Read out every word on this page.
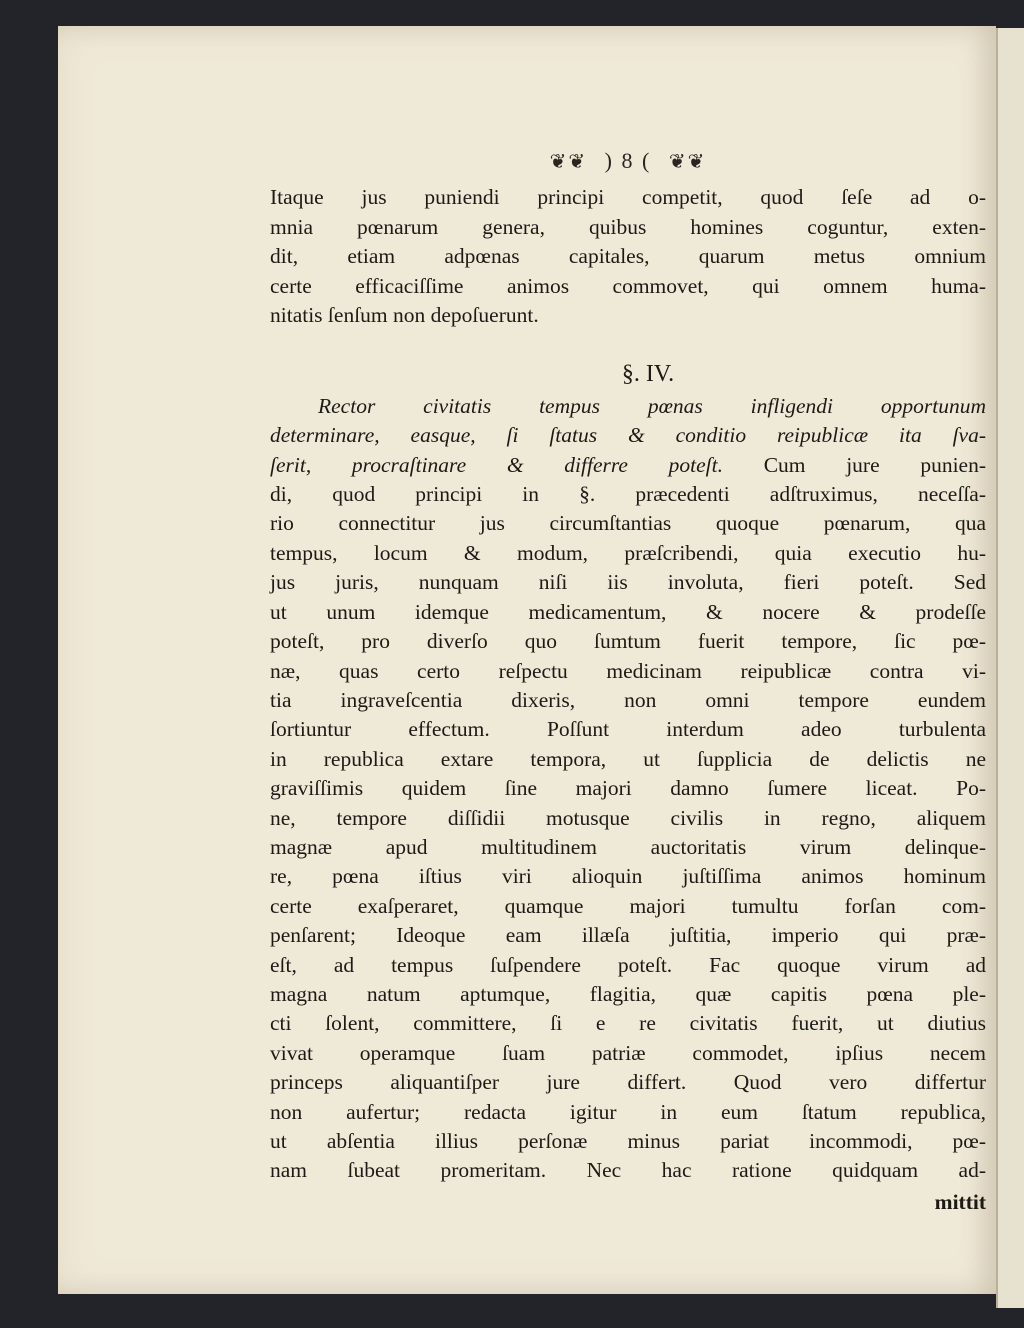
❦❦ ) 8 ( ❦❦
Itaque jus puniendi principi competit, quod ſeſe ad o-
mnia pœnarum genera, quibus homines coguntur, exten-
dit, etiam adpœnas capitales, quarum metus omnium
certe efficaciſſime animos commovet, qui omnem huma-
nitatis ſenſum non depoſuerunt.
§. IV.
Rector civitatis tempus pœnas infligendi opportunum
determinare, easque, ſi ſtatus & conditio reipublicæ ita ſva-
ſerit, procraſtinare & differre poteſt. Cum jure punien-
di, quod principi in §. præcedenti adſtruximus, neceſſa-
rio connectitur jus circumſtantias quoque pœnarum, qua
tempus, locum & modum, præſcribendi, quia executio hu-
jus juris, nunquam niſi iis involuta, fieri poteſt. Sed
ut unum idemque medicamentum, & nocere & prodeſſe
poteſt, pro diverſo quo ſumtum fuerit tempore, ſic pœ-
næ, quas certo reſpectu medicinam reipublicæ contra vi-
tia ingraveſcentia dixeris, non omni tempore eundem
ſortiuntur effectum. Poſſunt interdum adeo turbulenta
in republica extare tempora, ut ſupplicia de delictis ne
graviſſimis quidem ſine majori damno ſumere liceat. Po-
ne, tempore diſſidii motusque civilis in regno, aliquem
magnæ apud multitudinem auctoritatis virum delinque-
re, pœna iſtius viri alioquin juſtiſſima animos hominum
certe exaſperaret, quamque majori tumultu forſan com-
penſarent; Ideoque eam illæſa juſtitia, imperio qui præ-
eſt, ad tempus ſuſpendere poteſt. Fac quoque virum ad
magna natum aptumque, flagitia, quæ capitis pœna ple-
cti ſolent, committere, ſi e re civitatis fuerit, ut diutius
vivat operamque ſuam patriæ commodet, ipſius necem
princeps aliquantiſper jure differt. Quod vero differtur
non aufertur; redacta igitur in eum ſtatum republica,
ut abſentia illius perſonæ minus pariat incommodi, pœ-
nam ſubeat promeritam. Nec hac ratione quidquam ad-
mittit
